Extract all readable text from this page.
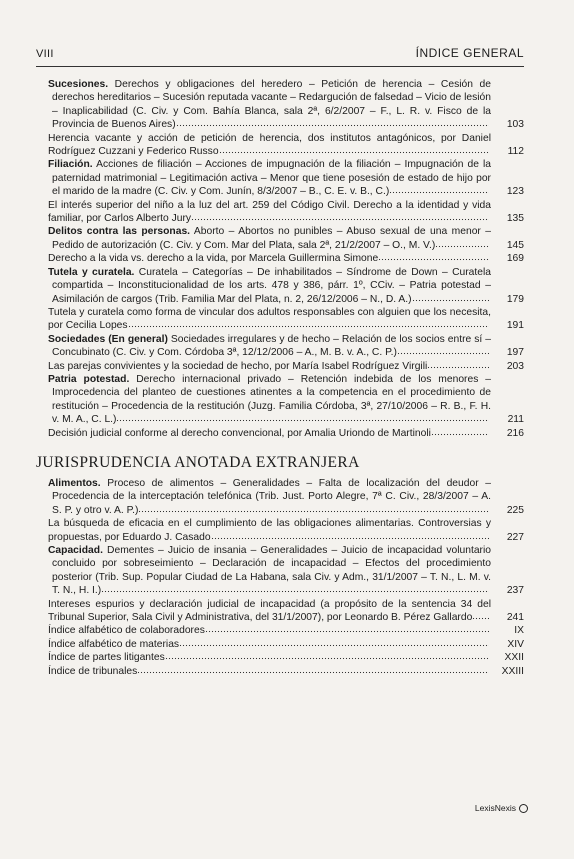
VIII	ÍNDICE GENERAL
Sucesiones. Derechos y obligaciones del heredero – Petición de herencia – Cesión de derechos hereditarios – Sucesión reputada vacante – Redargución de falsedad – Vicio de lesión – Inaplicabilidad (C. Civ. y Com. Bahía Blanca, sala 2ª, 6/2/2007 – F., L. R. v. Fisco de la Provincia de Buenos Aires)	103
Herencia vacante y acción de petición de herencia, dos institutos antagónicos, por Daniel Rodríguez Cuzzani y Federico Russo	112
Filiación. Acciones de filiación – Acciones de impugnación de la filiación – Impugnación de la paternidad matrimonial – Legitimación activa – Menor que tiene posesión de estado de hijo por el marido de la madre (C. Civ. y Com. Junín, 8/3/2007 – B., C. E. v. B., C.)	123
El interés superior del niño a la luz del art. 259 del Código Civil. Derecho a la identidad y vida familiar, por Carlos Alberto Jury	135
Delitos contra las personas. Aborto – Abortos no punibles – Abuso sexual de una menor – Pedido de autorización (C. Civ. y Com. Mar del Plata, sala 2ª, 21/2/2007 – O., M. V.)	145
Derecho a la vida vs. derecho a la vida, por Marcela Guillermina Simone	169
Tutela y curatela. Curatela – Categorías – De inhabilitados – Síndrome de Down – Curatela compartida – Inconstitucionalidad de los arts. 478 y 386, párr. 1º, CCiv. – Patria potestad – Asimilación de cargos (Trib. Familia Mar del Plata, n. 2, 26/12/2006 – N., D. A.)	179
Tutela y curatela como forma de vincular dos adultos responsables con alguien que los necesita, por Cecilia Lopes	191
Sociedades (En general) Sociedades irregulares y de hecho – Relación de los socios entre sí – Concubinato (C. Civ. y Com. Córdoba 3ª, 12/12/2006 – A., M. B. v. A., C. P.)	197
Las parejas convivientes y la sociedad de hecho, por María Isabel Rodríguez Virgili	203
Patria potestad. Derecho internacional privado – Retención indebida de los menores – Improcedencia del planteo de cuestiones atinentes a la competencia en el procedimiento de restitución – Procedencia de la restitución (Juzg. Familia Córdoba, 3ª, 27/10/2006 – R. B., F. H. v. M. A., C. L.)	211
Decisión judicial conforme al derecho convencional, por Amalia Uriondo de Martinoli	216
JURISPRUDENCIA ANOTADA EXTRANJERA
Alimentos. Proceso de alimentos – Generalidades – Falta de localización del deudor – Procedencia de la interceptación telefónica (Trib. Just. Porto Alegre, 7ª C. Civ., 28/3/2007 – A. S. P. y otro v. A. P.)	225
La búsqueda de eficacia en el cumplimiento de las obligaciones alimentarias. Controversias y propuestas, por Eduardo J. Casado	227
Capacidad. Dementes – Juicio de insania – Generalidades – Juicio de incapacidad voluntario concluido por sobreseimiento – Declaración de incapacidad – Efectos del procedimiento posterior (Trib. Sup. Popular Ciudad de La Habana, sala Civ. y Adm., 31/1/2007 – T. N., L. M. v. T. N., H. I.)	237
Intereses espurios y declaración judicial de incapacidad (a propósito de la sentencia 34 del Tribunal Superior, Sala Civil y Administrativa, del 31/1/2007), por Leonardo B. Pérez Gallardo	241
Índice alfabético de colaboradores	IX
Índice alfabético de materias	XIV
Índice de partes litigantes	XXII
Índice de tribunales	XXIII
LexisNexis
